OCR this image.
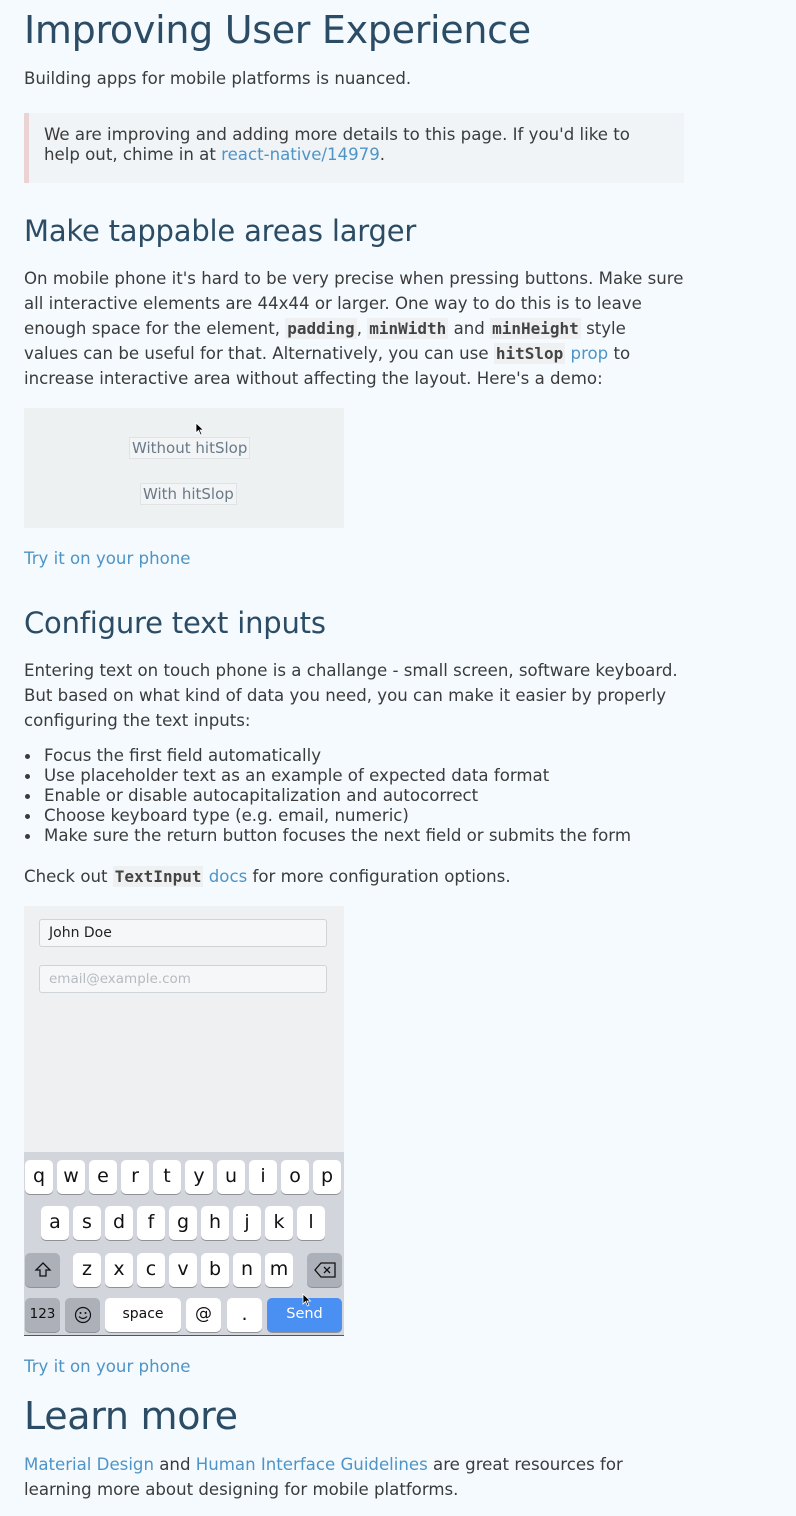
Improving User Experience

Building apps for mobile platforms is nuanced.

We are improving and adding more details to this page. If you'd like to help out, chime in at react-native/14979.
Make tappable areas larger

On mobile phone it's hard to be very precise when pressing buttons. Make sure all interactive elements are 44x44 or larger. One way to do this is to leave enough space for the element, padding , minWidth and minHeight style values can be useful for that. Alternatively, you can use hitSlop prop to increase interactive area without affecting the layout. Here's a demo:

Without hitSlop
With hitSlop
Try it on your phone
Configure text inputs

Entering text on touch phone is a challange - small screen, software keyboard. But based on what kind of data you need, you can make it easier by properly configuring the text inputs:

Focus the first field automatically
Use placeholder text as an example of expected data format
Enable or disable autocapitalization and autocorrect
Choose keyboard type (e.g. email, numeric)
Make sure the return button focuses the next field or submits the form

Check out TextInput docs for more configuration options.

John Doe
email@example.com
q w e	r	t	y	u	i	o	p
a	s	d	f	g	h	j	k	l
z	x	c	v	b	n m
123	space	@	.	Send
Try it on your phone
Learn more

Material Design and Human Interface Guidelines are great resources for learning more about designing for mobile platforms.
